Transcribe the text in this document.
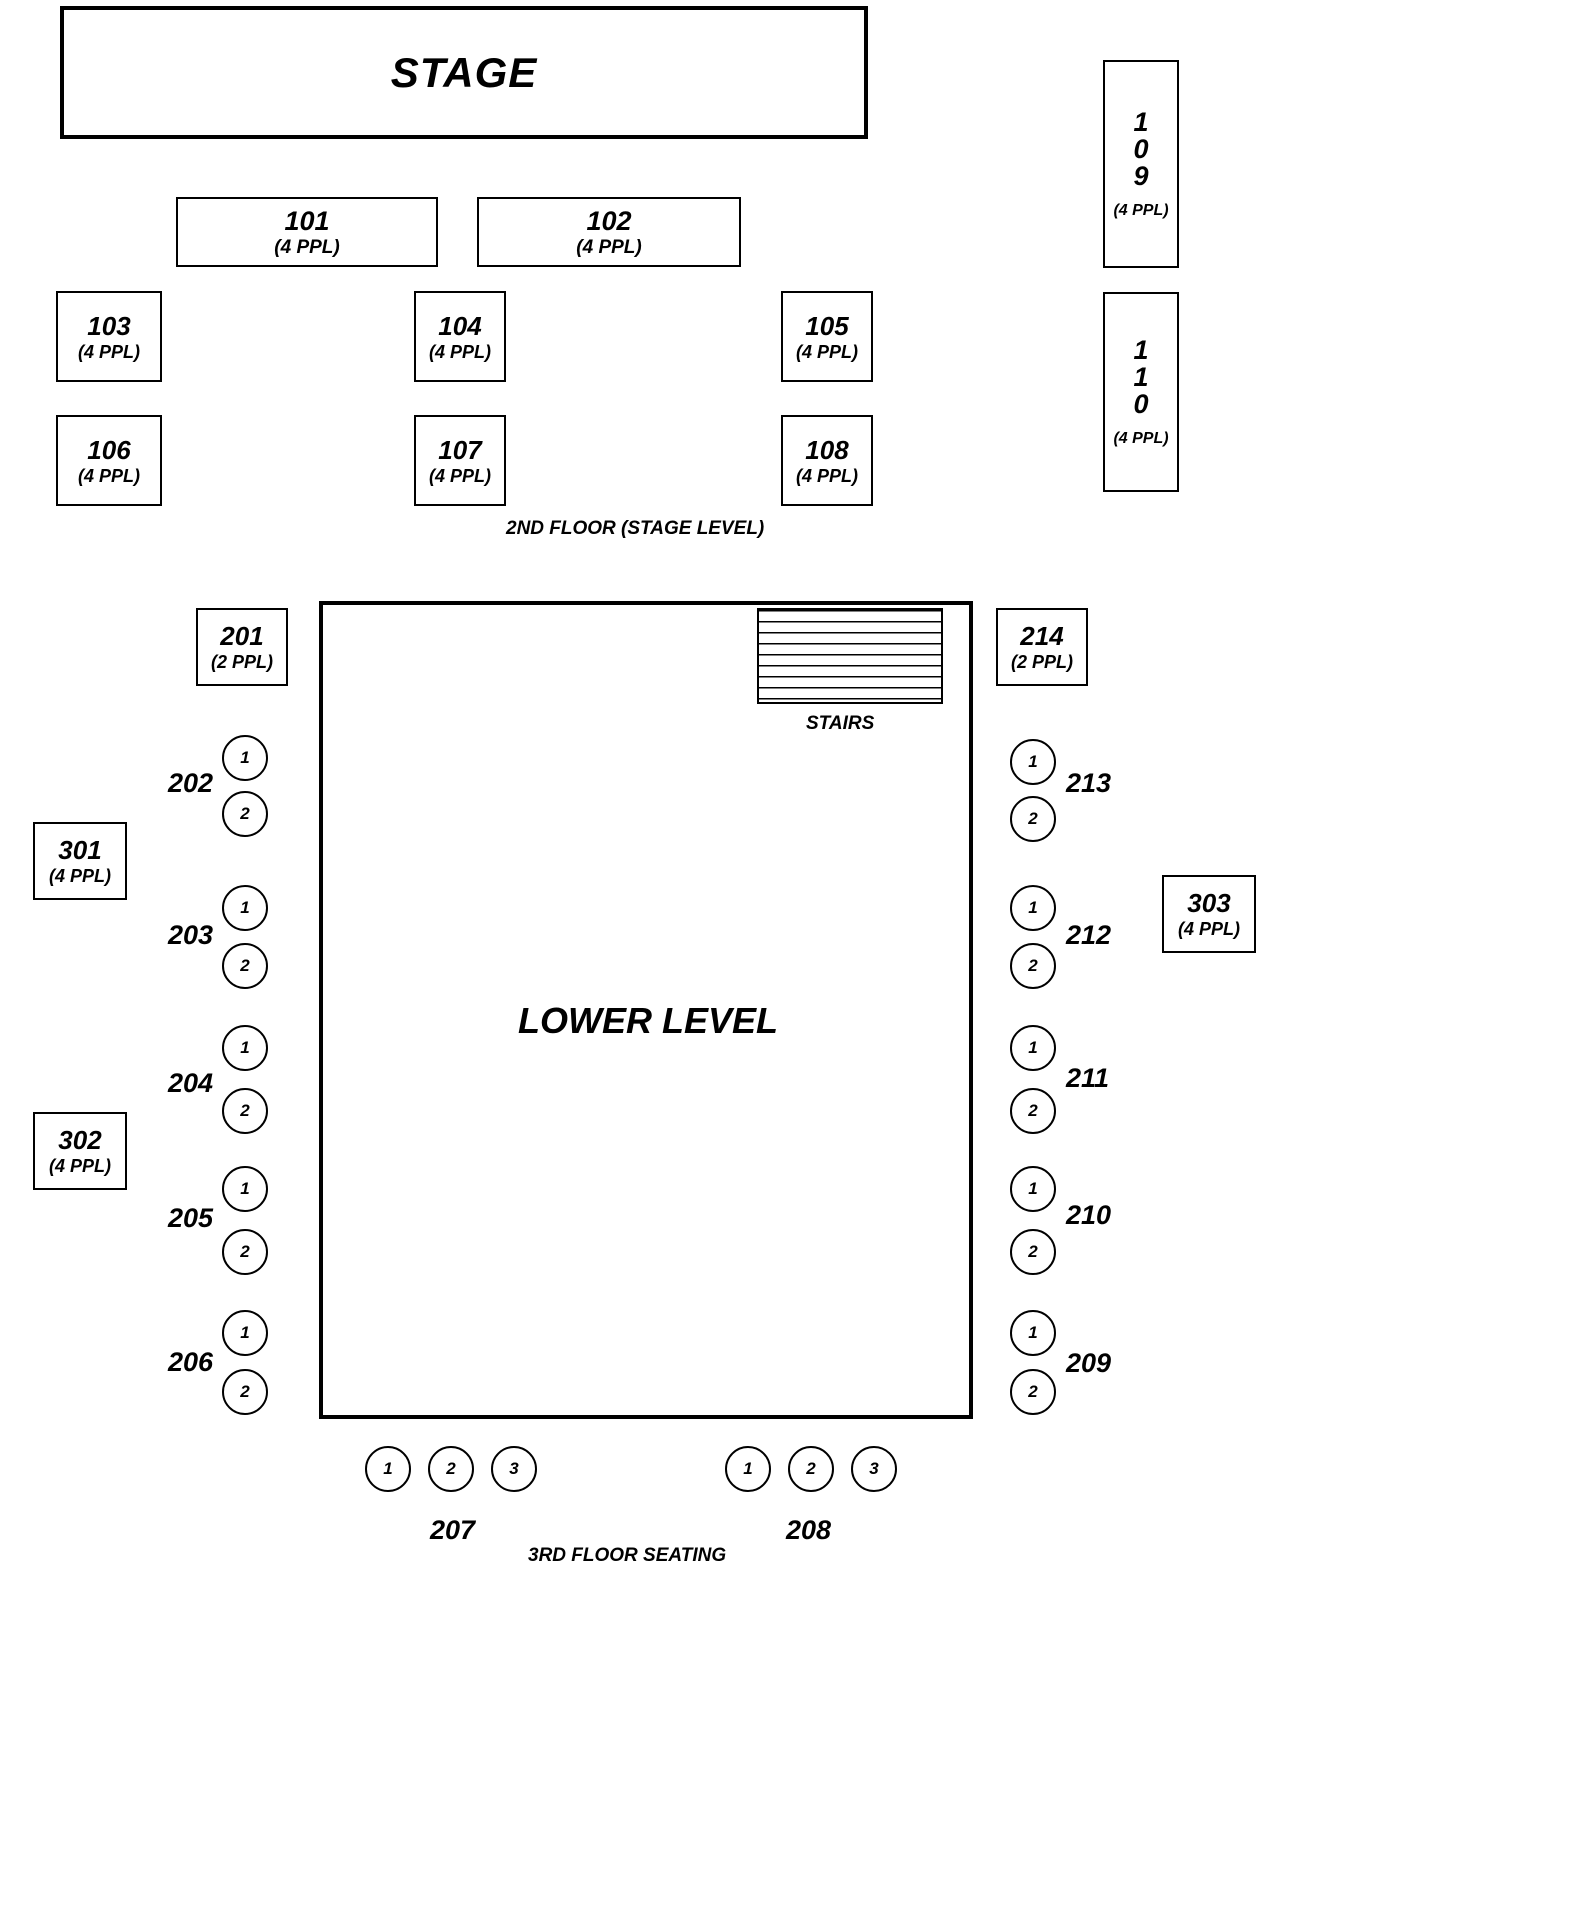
STAGE
101
(4 PPL)
102
(4 PPL)
103
(4 PPL)
104
(4 PPL)
105
(4 PPL)
106
(4 PPL)
107
(4 PPL)
108
(4 PPL)
1
0
9
(4 PPL)
1
1
0
(4 PPL)
2ND FLOOR (STAGE LEVEL)
LOWER LEVEL
STAIRS
201
(2 PPL)
214
(2 PPL)
301
(4 PPL)
302
(4 PPL)
303
(4 PPL)
202
1
2
203
1
2
204
1
2
205
1
2
206
1
2
213
1
2
212
1
2
211
1
2
210
1
2
209
1
2
207
1	2	3
208
1	2	3
3RD FLOOR SEATING
